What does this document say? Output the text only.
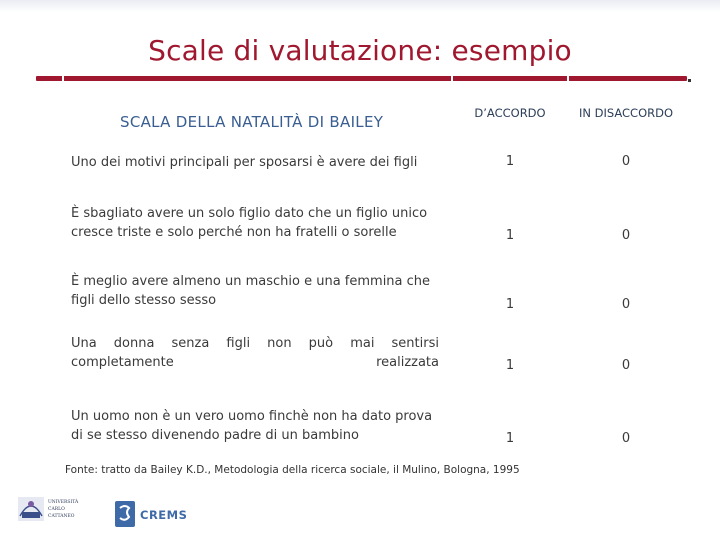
Scale di valutazione: esempio
SCALA DELLA NATALITÀ DI BAILEY	D’ACCORDO	IN DISACCORDO
Uno dei motivi principali per sposarsi è avere dei figli	1	0
È sbagliato avere un solo figlio dato che un figlio unico cresce triste e solo perché non ha fratelli o sorelle	1	0
È meglio avere almeno un maschio e una femmina che figli dello stesso sesso	1	0
Una donna senza figli non può mai sentirsi completamente realizzata	1	0
Un uomo non è un vero uomo finchè non ha dato prova di se stesso divenendo padre di un bambino	1	0
Fonte: tratto da Bailey K.D., Metodologia della ricerca sociale, il Mulino, Bologna, 1995
UNIVERSITÀ
CARLO
CATTANEO	CREMS
